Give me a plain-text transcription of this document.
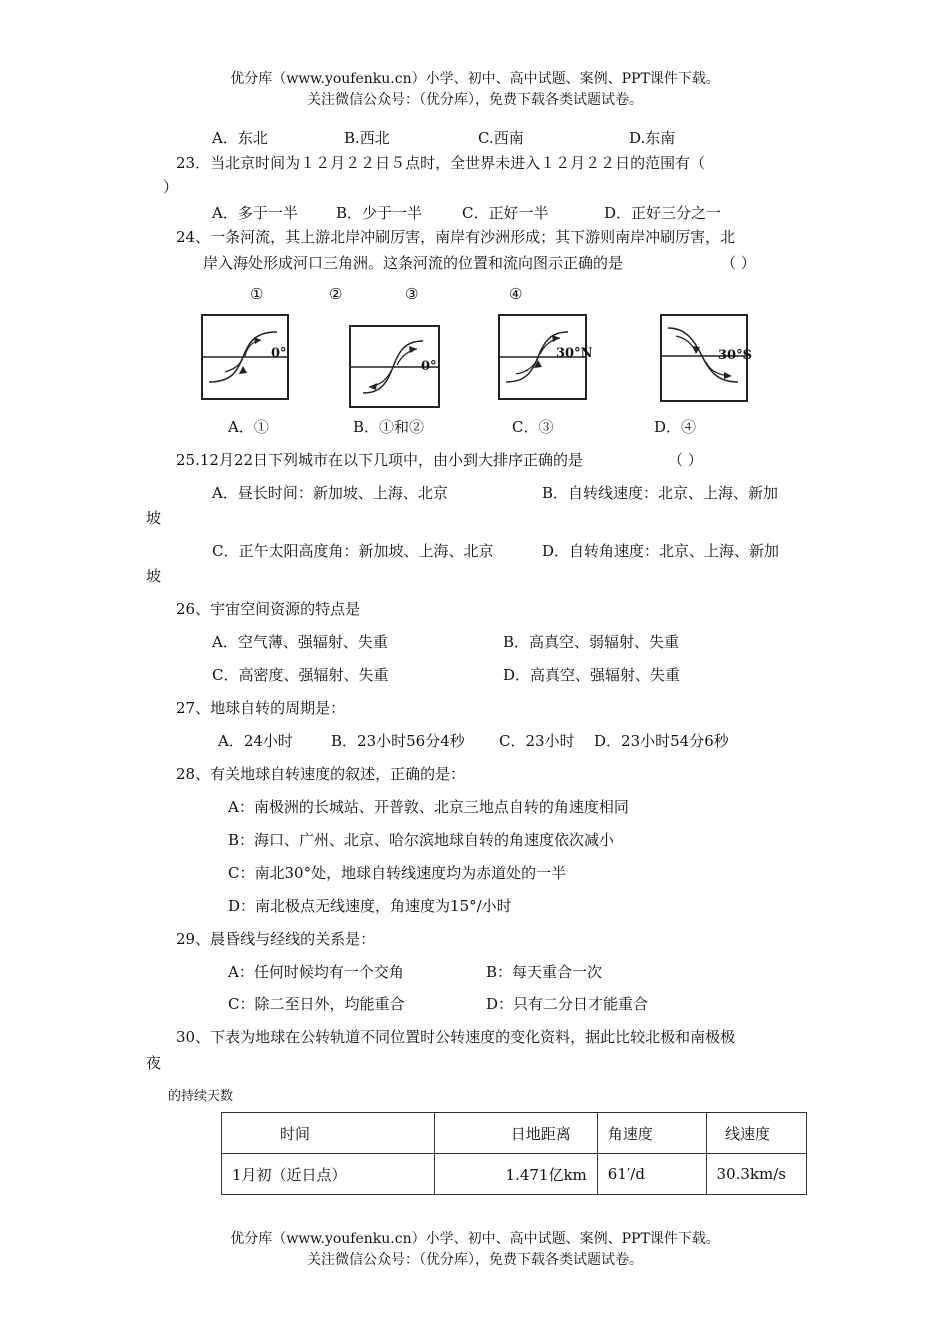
优分库（www.youfenku.cn）小学、初中、高中试题、案例、PPT课件下载。
关注微信公众号：（优分库），免费下载各类试题试卷。
A．东北	B.西北	C.西南	D.东南
23．当北京时间为１２月２２日５点时，全世界未进入１２月２２日的范围有（
）
A．多于一半	B．少于一半	C．正好一半	D．正好三分之一
24、一条河流，其上游北岸冲刷厉害，南岸有沙洲形成；其下游则南岸冲刷厉害，北
岸入海处形成河口三角洲。这条河流的位置和流向图示正确的是	（ ）
①	②	③	④
0°
0°
30°N	30°S
A．①	B．①和②	C．③	D．④
25.12月22日下列城市在以下几项中，由小到大排序正确的是	（ ）
A．昼长时间：新加坡、上海、北京	B．自转线速度：北京、上海、新加
坡
C．正午太阳高度角：新加坡、上海、北京	D．自转角速度：北京、上海、新加
坡
26、宇宙空间资源的特点是
A．空气薄、强辐射、失重	B．高真空、弱辐射、失重
C．高密度、强辐射、失重	D．高真空、强辐射、失重
27、地球自转的周期是：
A．24小时	B．23小时56分4秒 C．23小时 D．23小时54分6秒
28、有关地球自转速度的叙述，正确的是：
A：南极洲的长城站、开普敦、北京三地点自转的角速度相同
B：海口、广州、北京、哈尔滨地球自转的角速度依次减小
C：南北30°处，地球自转线速度均为赤道处的一半
D：南北极点无线速度，角速度为15°/小时
29、晨昏线与经线的关系是：
A：任何时候均有一个交角	B：每天重合一次
C：除二至日外，均能重合	D：只有二分日才能重合
30、下表为地球在公转轨道不同位置时公转速度的变化资料，据此比较北极和南极极
夜
的持续天数
时间	日地距离	角速度	线速度
1月初（近日点）	1.471亿km	61′/d	30.3km/s
优分库（www.youfenku.cn）小学、初中、高中试题、案例、PPT课件下载。
关注微信公众号：（优分库），免费下载各类试题试卷。
